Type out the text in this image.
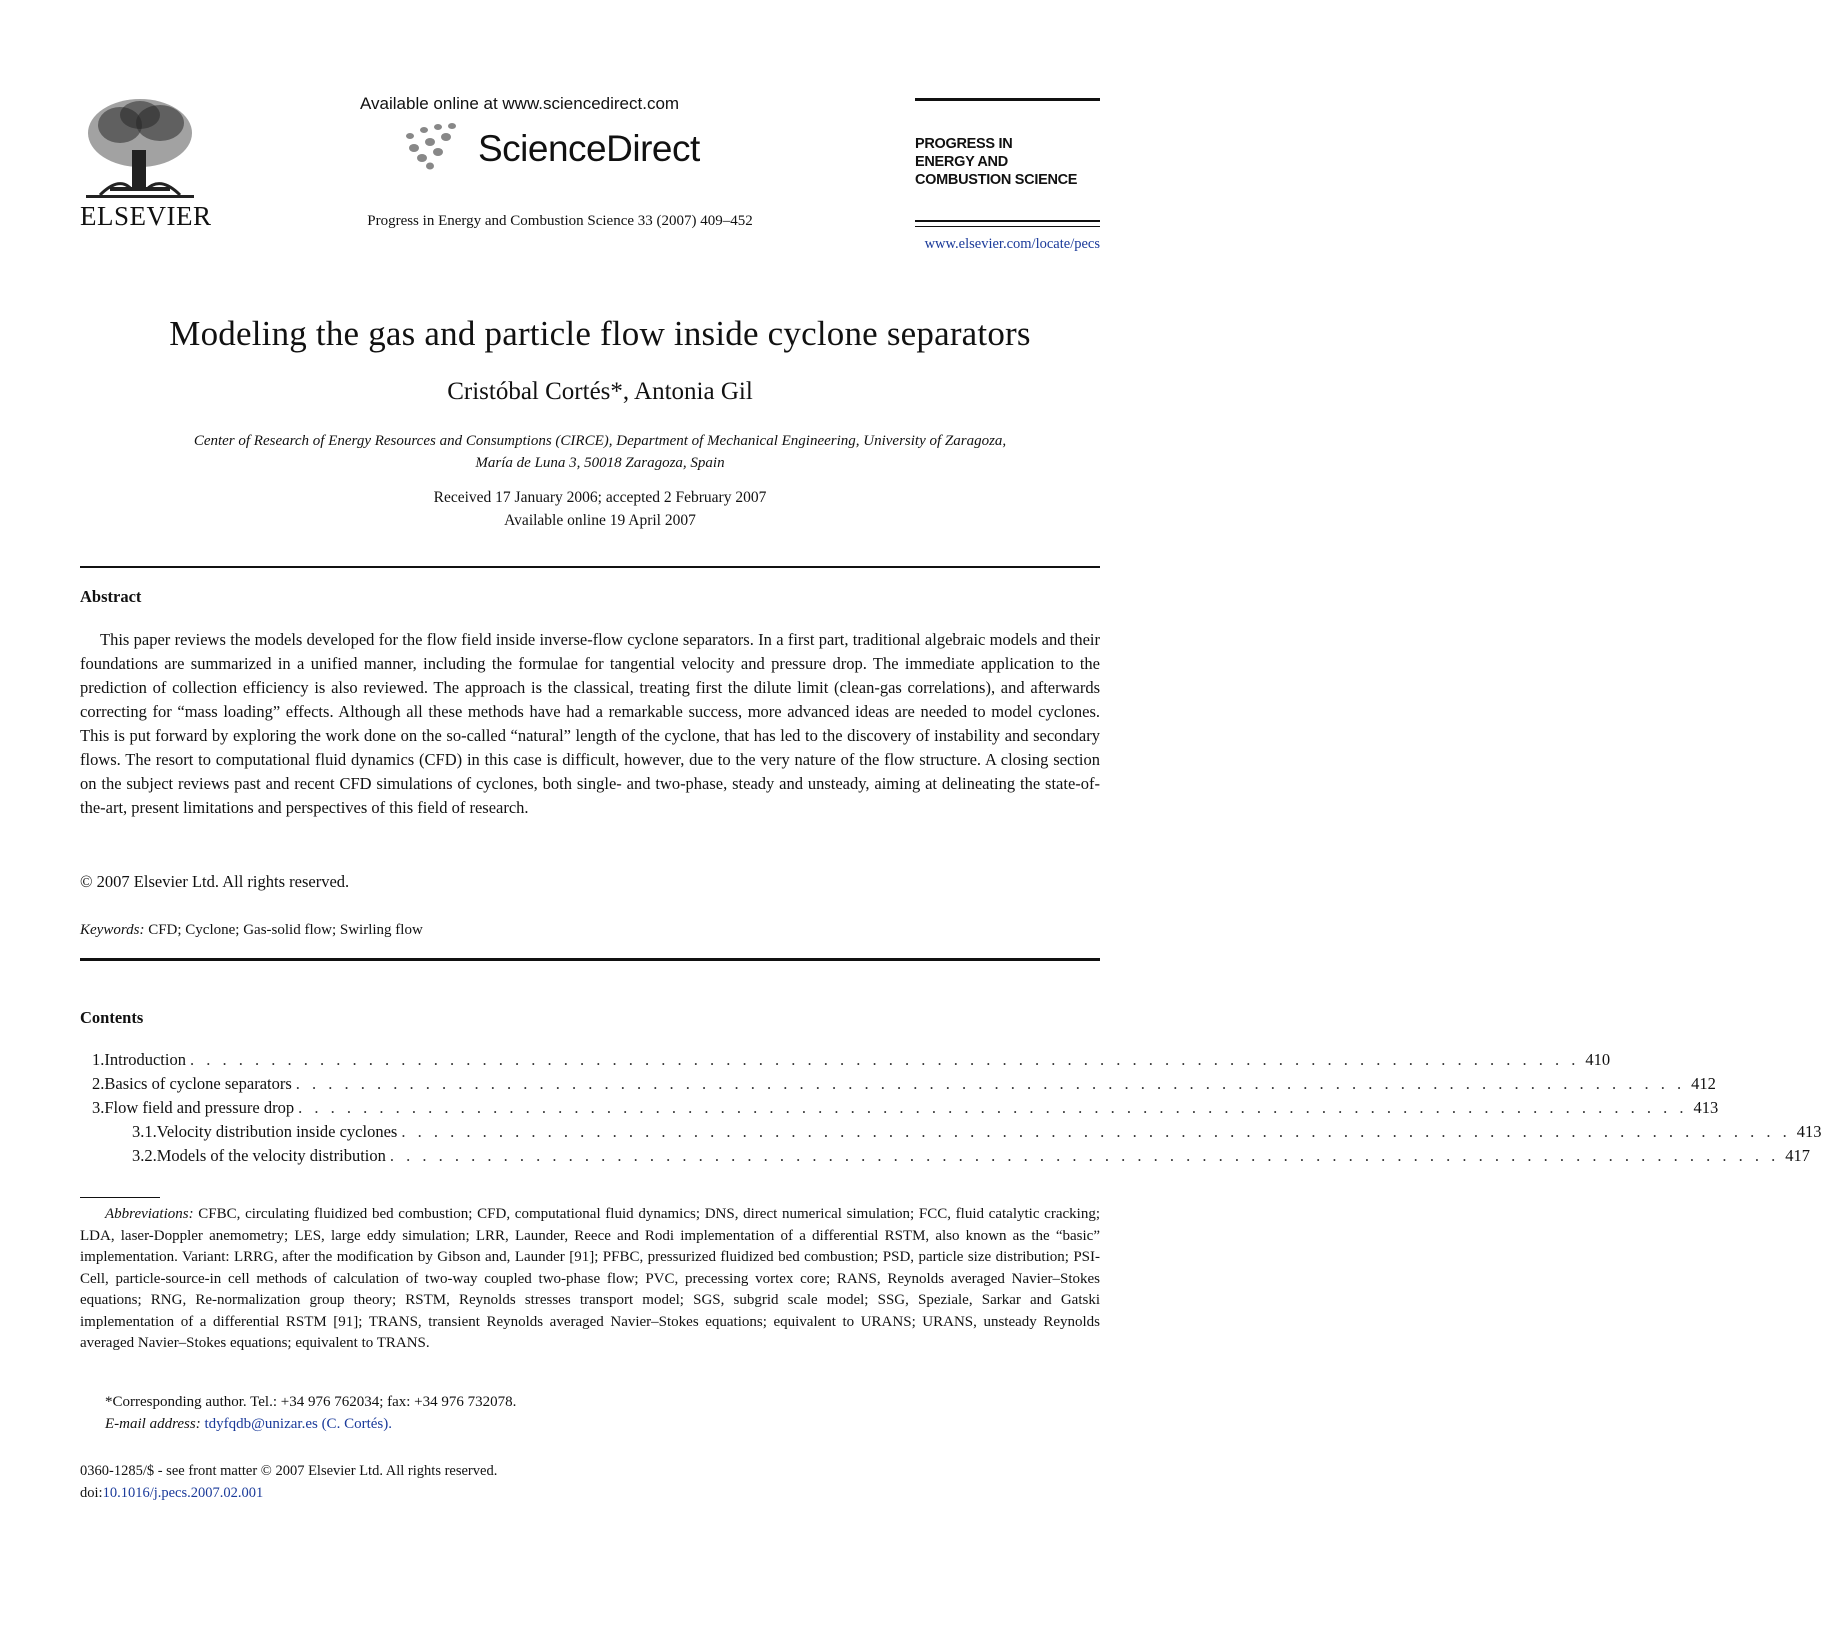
ELSEVIER
Available online at www.sciencedirect.com
ScienceDirect
Progress in Energy and Combustion Science 33 (2007) 409–452
PROGRESS IN
ENERGY AND
COMBUSTION SCIENCE
www.elsevier.com/locate/pecs
Modeling the gas and particle flow inside cyclone separators
Cristóbal Cortés*, Antonia Gil
Center of Research of Energy Resources and Consumptions (CIRCE), Department of Mechanical Engineering, University of Zaragoza,
María de Luna 3, 50018 Zaragoza, Spain
Received 17 January 2006; accepted 2 February 2007
Available online 19 April 2007
Abstract
This paper reviews the models developed for the flow field inside inverse-flow cyclone separators. In a first part, traditional algebraic models and their foundations are summarized in a unified manner, including the formulae for tangential velocity and pressure drop. The immediate application to the prediction of collection efficiency is also reviewed. The approach is the classical, treating first the dilute limit (clean-gas correlations), and afterwards correcting for “mass loading” effects. Although all these methods have had a remarkable success, more advanced ideas are needed to model cyclones. This is put forward by exploring the work done on the so-called “natural” length of the cyclone, that has led to the discovery of instability and secondary flows. The resort to computational fluid dynamics (CFD) in this case is difficult, however, due to the very nature of the flow structure. A closing section on the subject reviews past and recent CFD simulations of cyclones, both single- and two-phase, steady and unsteady, aiming at delineating the state-of-the-art, present limitations and perspectives of this field of research.
© 2007 Elsevier Ltd. All rights reserved.
Keywords: CFD; Cyclone; Gas-solid flow; Swirling flow
Contents
1. Introduction . . . . . . . . . . . . . . . . . . . . . . . . . . . . . . . . . . . . . . . . . . . . . . . . . . . . . . . . . . . . . . . . . . . . . . . . . . . . . . . . . . . . . . 410
2. Basics of cyclone separators . . . . . . . . . . . . . . . . . . . . . . . . . . . . . . . . . . . . . . . . . . . . . . . . . . . . . . . . . . . . . . . . . . . . . . . . . . . . . . . . . . . . . . 412
3. Flow field and pressure drop . . . . . . . . . . . . . . . . . . . . . . . . . . . . . . . . . . . . . . . . . . . . . . . . . . . . . . . . . . . . . . . . . . . . . . . . . . . . . . . . . . . . . . 413
3.1. Velocity distribution inside cyclones . . . . . . . . . . . . . . . . . . . . . . . . . . . . . . . . . . . . . . . . . . . . . . . . . . . . . . . . . . . . . . . . . . . . . . . . . . . . . . . . . . . . . . 413
3.2. Models of the velocity distribution . . . . . . . . . . . . . . . . . . . . . . . . . . . . . . . . . . . . . . . . . . . . . . . . . . . . . . . . . . . . . . . . . . . . . . . . . . . . . . . . . . . . . . 417
Abbreviations: CFBC, circulating fluidized bed combustion; CFD, computational fluid dynamics; DNS, direct numerical simulation; FCC, fluid catalytic cracking; LDA, laser-Doppler anemometry; LES, large eddy simulation; LRR, Launder, Reece and Rodi implementation of a differential RSTM, also known as the “basic” implementation. Variant: LRRG, after the modification by Gibson and, Launder [91]; PFBC, pressurized fluidized bed combustion; PSD, particle size distribution; PSI-Cell, particle-source-in cell methods of calculation of two-way coupled two-phase flow; PVC, precessing vortex core; RANS, Reynolds averaged Navier–Stokes equations; RNG, Re-normalization group theory; RSTM, Reynolds stresses transport model; SGS, subgrid scale model; SSG, Speziale, Sarkar and Gatski implementation of a differential RSTM [91]; TRANS, transient Reynolds averaged Navier–Stokes equations; equivalent to URANS; URANS, unsteady Reynolds averaged Navier–Stokes equations; equivalent to TRANS.
*Corresponding author. Tel.: +34 976 762034; fax: +34 976 732078.
E-mail address: tdyfqdb@unizar.es (C. Cortés).
0360-1285/$ - see front matter © 2007 Elsevier Ltd. All rights reserved.
doi:10.1016/j.pecs.2007.02.001
